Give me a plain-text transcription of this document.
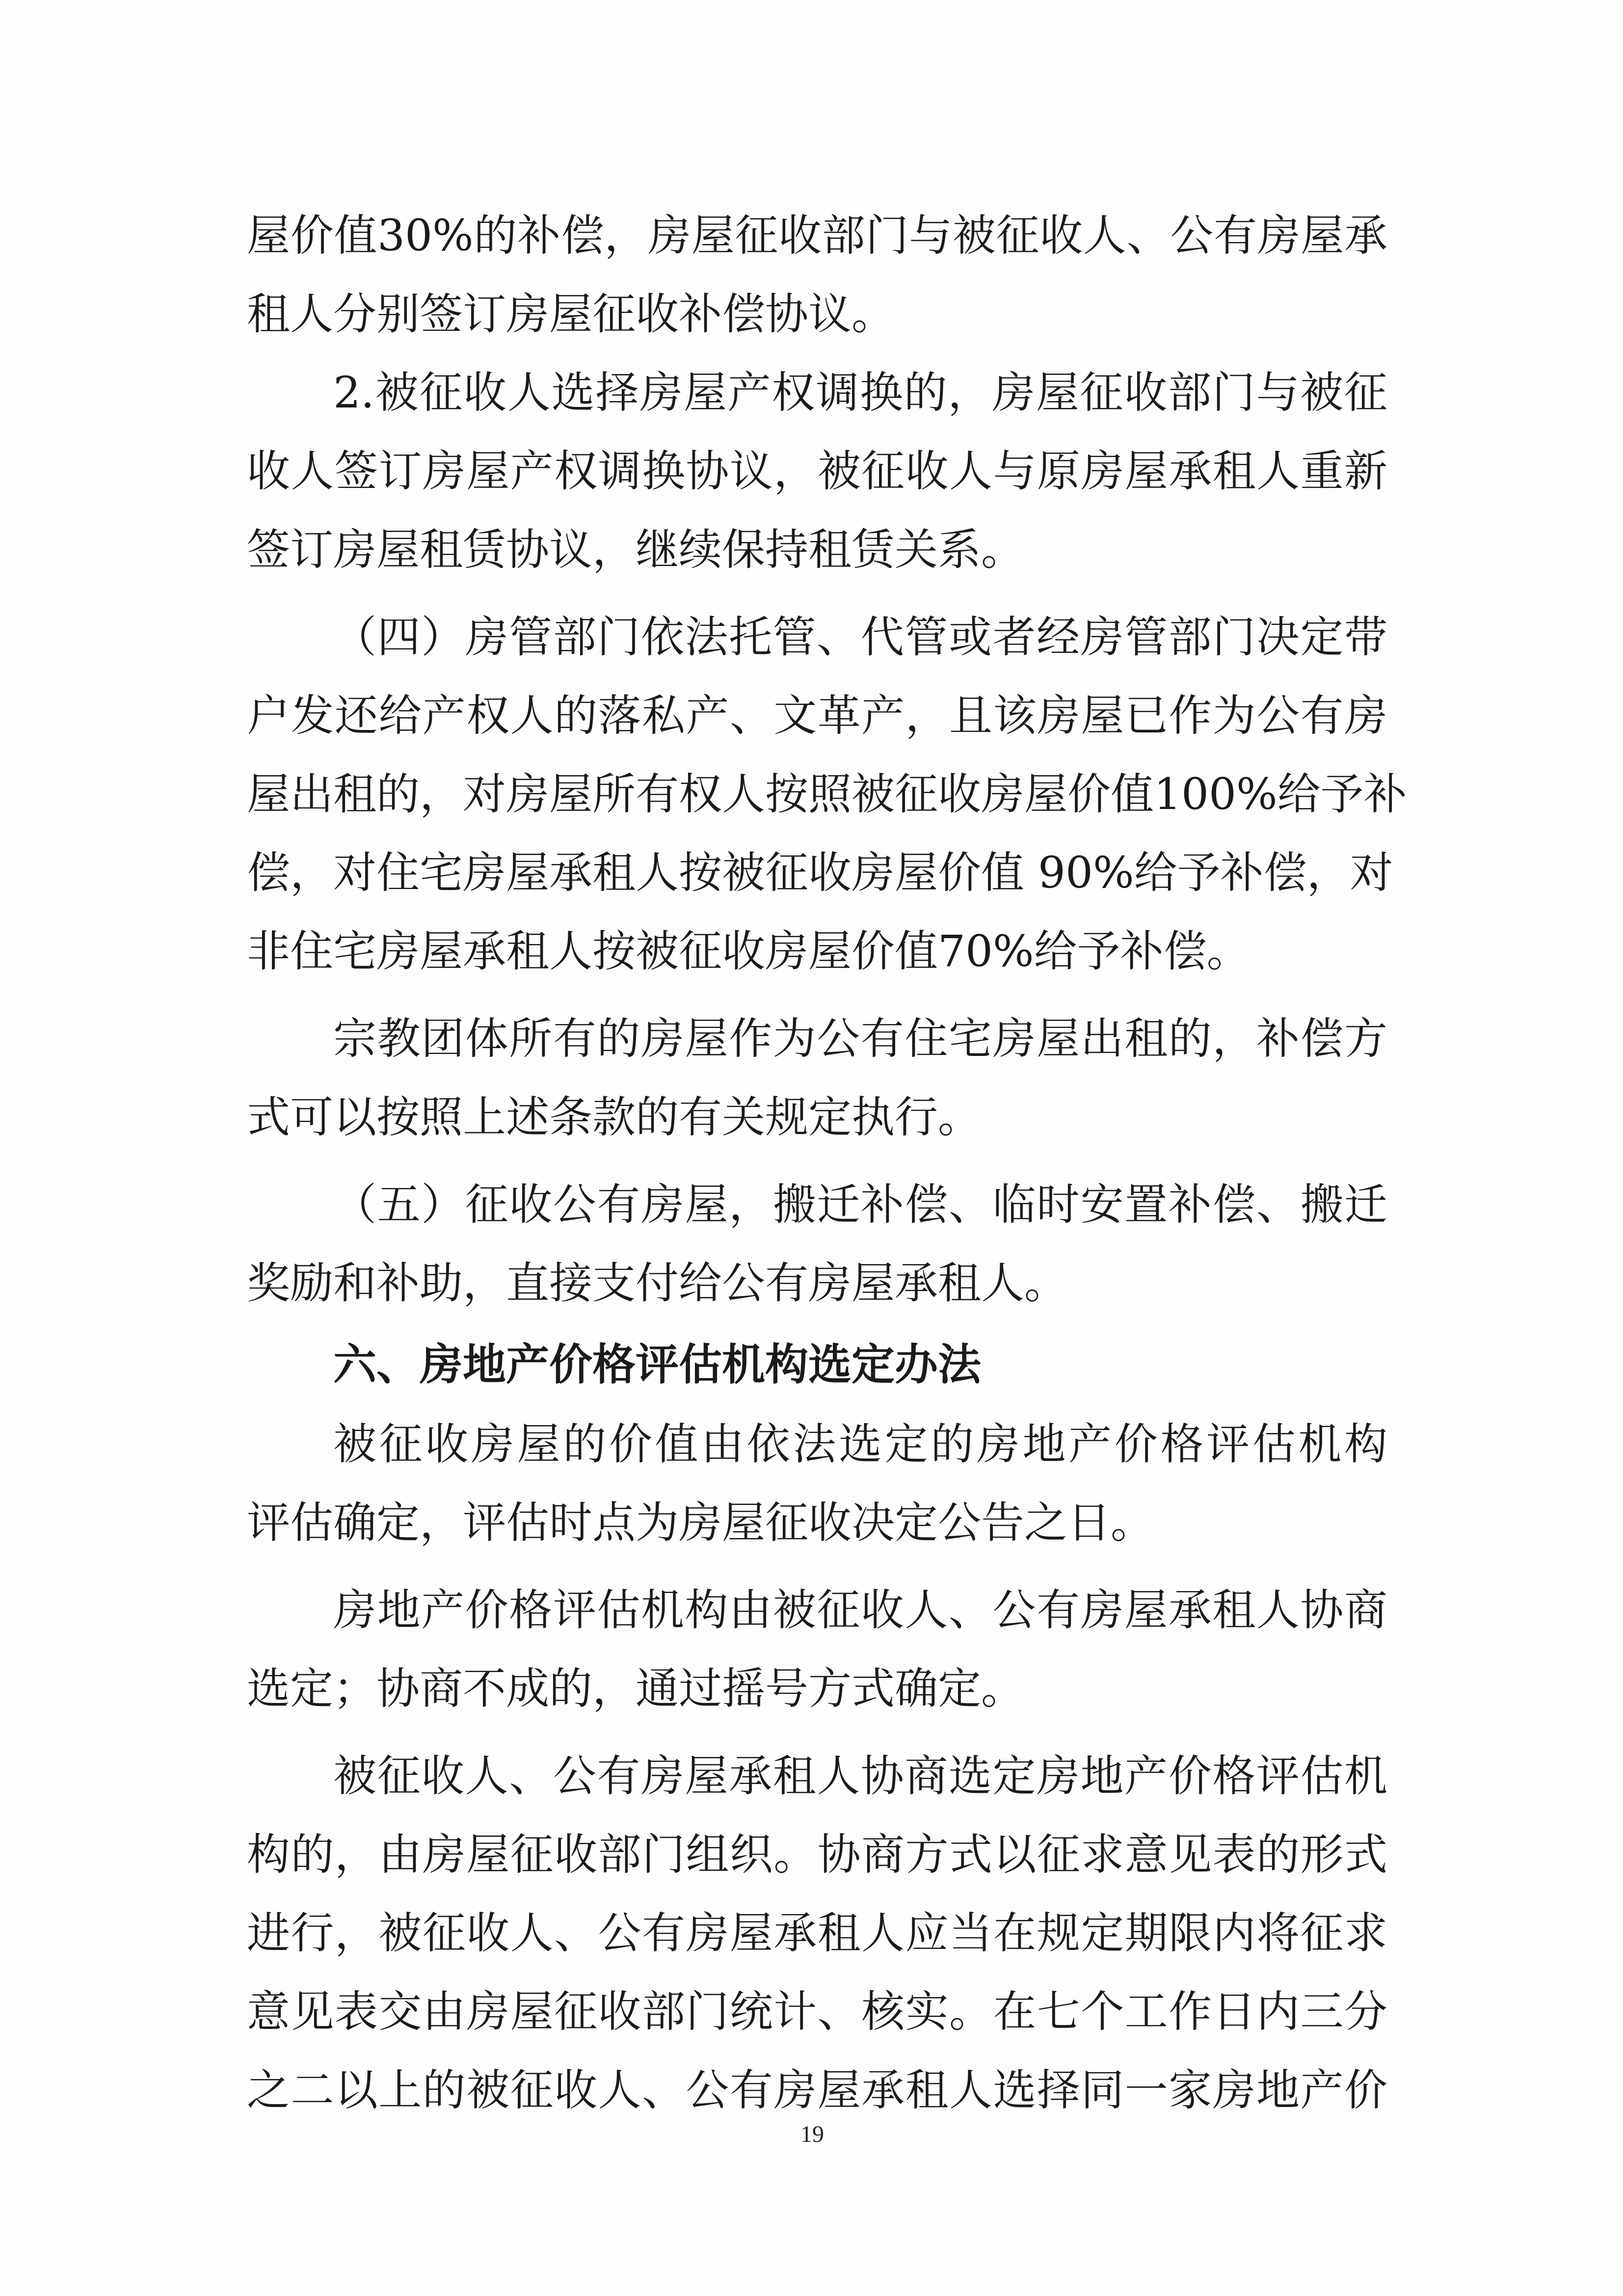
屋价值30%的补偿，房屋征收部门与被征收人、公有房屋承
租人分别签订房屋征收补偿协议。
2.被征收人选择房屋产权调换的，房屋征收部门与被征
收人签订房屋产权调换协议，被征收人与原房屋承租人重新
签订房屋租赁协议，继续保持租赁关系。
（四）房管部门依法托管、代管或者经房管部门决定带
户发还给产权人的落私产、文革产，且该房屋已作为公有房
屋出租的，对房屋所有权人按照被征收房屋价值100%给予补
偿，对住宅房屋承租人按被征收房屋价值 90%给予补偿，对
非住宅房屋承租人按被征收房屋价值70%给予补偿。
宗教团体所有的房屋作为公有住宅房屋出租的，补偿方
式可以按照上述条款的有关规定执行。
（五）征收公有房屋，搬迁补偿、临时安置补偿、搬迁
奖励和补助，直接支付给公有房屋承租人。
六、房地产价格评估机构选定办法
被征收房屋的价值由依法选定的房地产价格评估机构
评估确定，评估时点为房屋征收决定公告之日。
房地产价格评估机构由被征收人、公有房屋承租人协商
选定；协商不成的，通过摇号方式确定。
被征收人、公有房屋承租人协商选定房地产价格评估机
构的，由房屋征收部门组织。协商方式以征求意见表的形式
进行，被征收人、公有房屋承租人应当在规定期限内将征求
意见表交由房屋征收部门统计、核实。在七个工作日内三分
之二以上的被征收人、公有房屋承租人选择同一家房地产价
19
